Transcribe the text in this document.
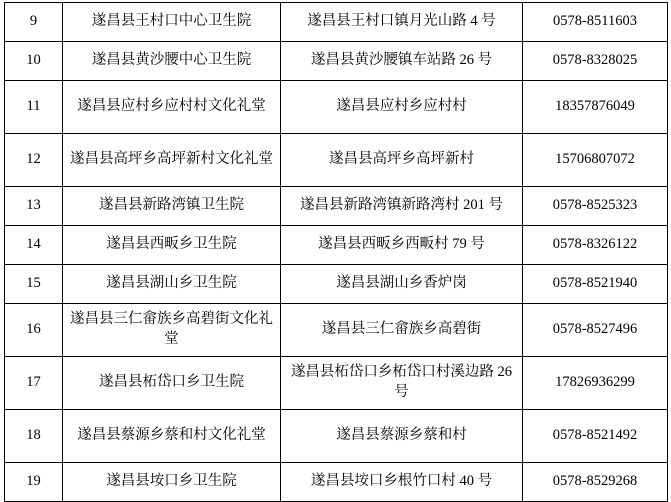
9	遂昌县王村口中心卫生院	遂昌县王村口镇月光山路 4 号	0578-8511603
10	遂昌县黄沙腰中心卫生院	遂昌县黄沙腰镇车站路 26 号	0578-8328025
11	遂昌县应村乡应村村文化礼堂	遂昌县应村乡应村村	18357876049
12	遂昌县高坪乡高坪新村文化礼堂	遂昌县高坪乡高坪新村	15706807072
13	遂昌县新路湾镇卫生院	遂昌县新路湾镇新路湾村 201 号	0578-8525323
14	遂昌县西畈乡卫生院	遂昌县西畈乡西畈村 79 号	0578-8326122
15	遂昌县湖山乡卫生院	遂昌县湖山乡香炉岗	0578-8521940
16	遂昌县三仁畲族乡高碧街文化礼堂	遂昌县三仁畲族乡高碧街	0578-8527496
17	遂昌县柘岱口乡卫生院	遂昌县柘岱口乡柘岱口村溪边路 26 号	17826936299
18	遂昌县蔡源乡蔡和村文化礼堂	遂昌县蔡源乡蔡和村	0578-8521492
19	遂昌县垵口乡卫生院	遂昌县垵口乡根竹口村 40 号	0578-8529268
